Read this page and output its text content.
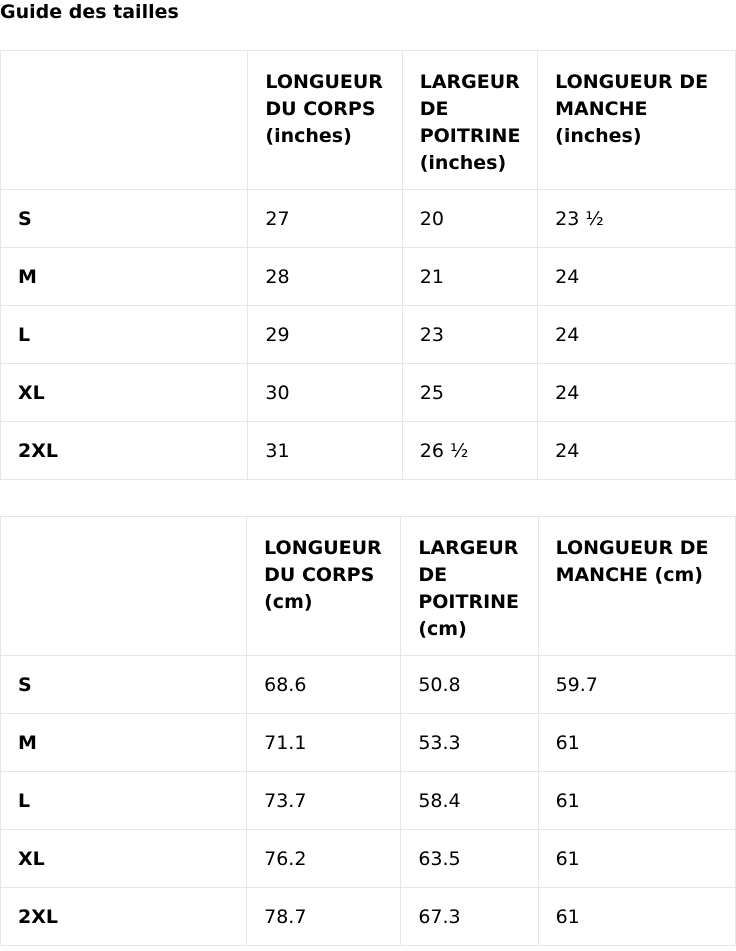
Guide des tailles
	LONGUEUR DU CORPS (inches)	LARGEUR DE POITRINE (inches)	LONGUEUR DE MANCHE (inches)
S	27	20	23 ½
M	28	21	24
L	29	23	24
XL	30	25	24
2XL	31	26 ½	24
	LONGUEUR DU CORPS (cm)	LARGEUR DE POITRINE (cm)	LONGUEUR DE MANCHE (cm)
S	68.6	50.8	59.7
M	71.1	53.3	61
L	73.7	58.4	61
XL	76.2	63.5	61
2XL	78.7	67.3	61
